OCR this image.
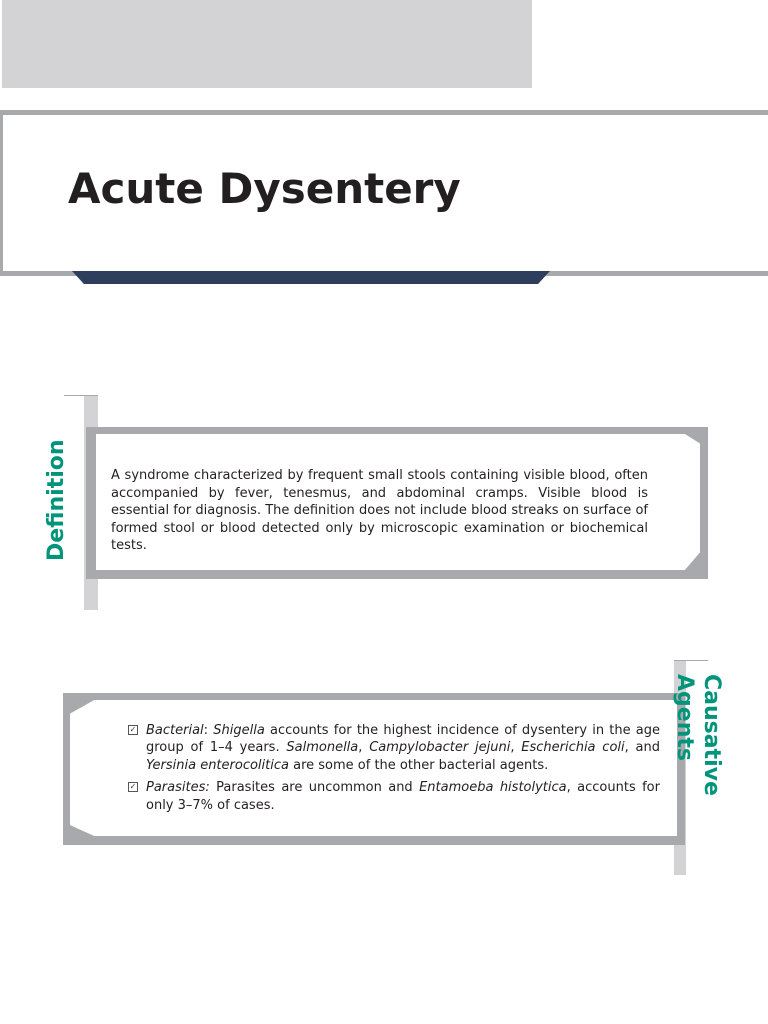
Acute Dysentery
Definition	A syndrome characterized by frequent small stools containing visible blood, often accompanied by fever, tenesmus, and abdominal cramps. Visible blood is essential for diagnosis. The definition does not include blood streaks on surface of formed stool or blood detected only by microscopic examination or biochemical tests.

Causative Agents
✓ Bacterial: Shigella accounts for the highest incidence of dysentery in the age group of 1–4 years. Salmonella, Campylobacter jejuni, Escherichia coli, and Yersinia enterocolitica are some of the other bacterial agents.
✓ Parasites: Parasites are uncommon and Entamoeba histolytica, accounts for only 3–7% of cases.
